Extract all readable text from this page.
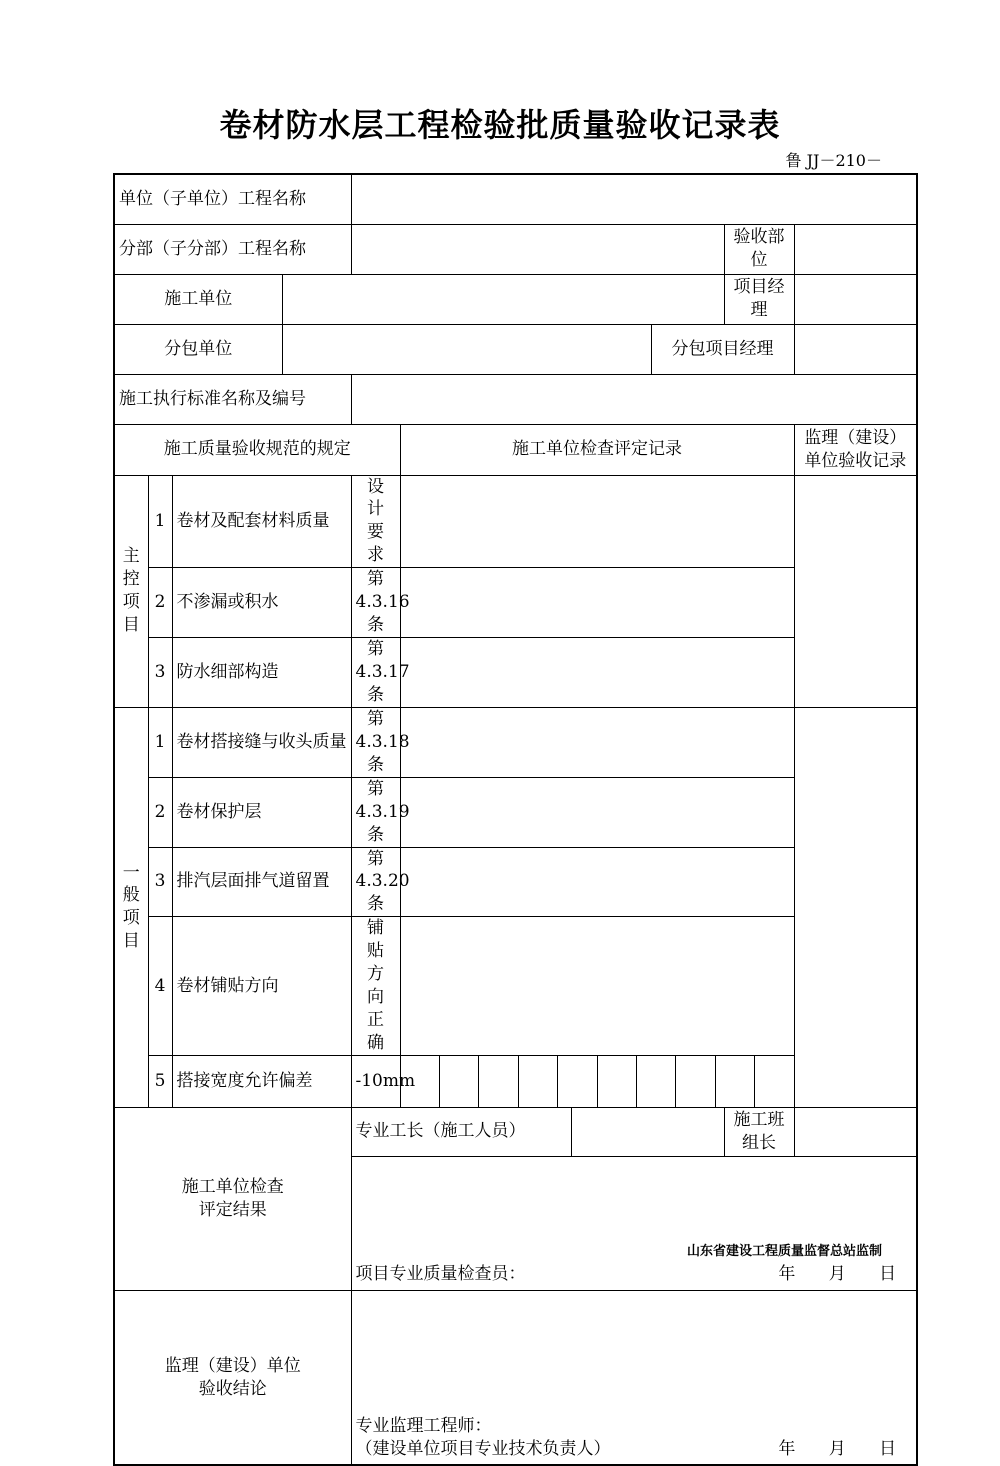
卷材防水层工程检验批质量验收记录表
鲁 JJ－210－
单位（子单位）工程名称									
分部（子分部）工程名称								验收部位	
施工单位								项目经理	
分包单位							分包项目经理		
施工执行标准名称及编号									
施工质量验收规范的规定					施工单位检查评定记录				监理（建设）
单位验收记录

主
控
项
目	1	卷材及配套材料质量		设计要求					
	2	不渗漏或积水		第 4.3.16 条					
	3	防水细部构造		第 4.3.17 条					

一
般
项
目	1	卷材搭接缝与收头质量		第 4.3.18 条					
	2	卷材保护层		第 4.3.19 条					
	3	排汽层面排气道留置		第 4.3.20 条					
	4	卷材铺贴方向		铺贴方向正确					
	5	搭接宽度允许偏差		-10mm					

施工单位检查
评定结果				专业工长（施工人员）				施工班组长	

				项目专业质量检查员： 年 月 日					

监理（建设）单位
验收结论				专业监理工程师：
（建设单位项目专业技术负责人） 年 月 日					
山东省建设工程质量监督总站监制
